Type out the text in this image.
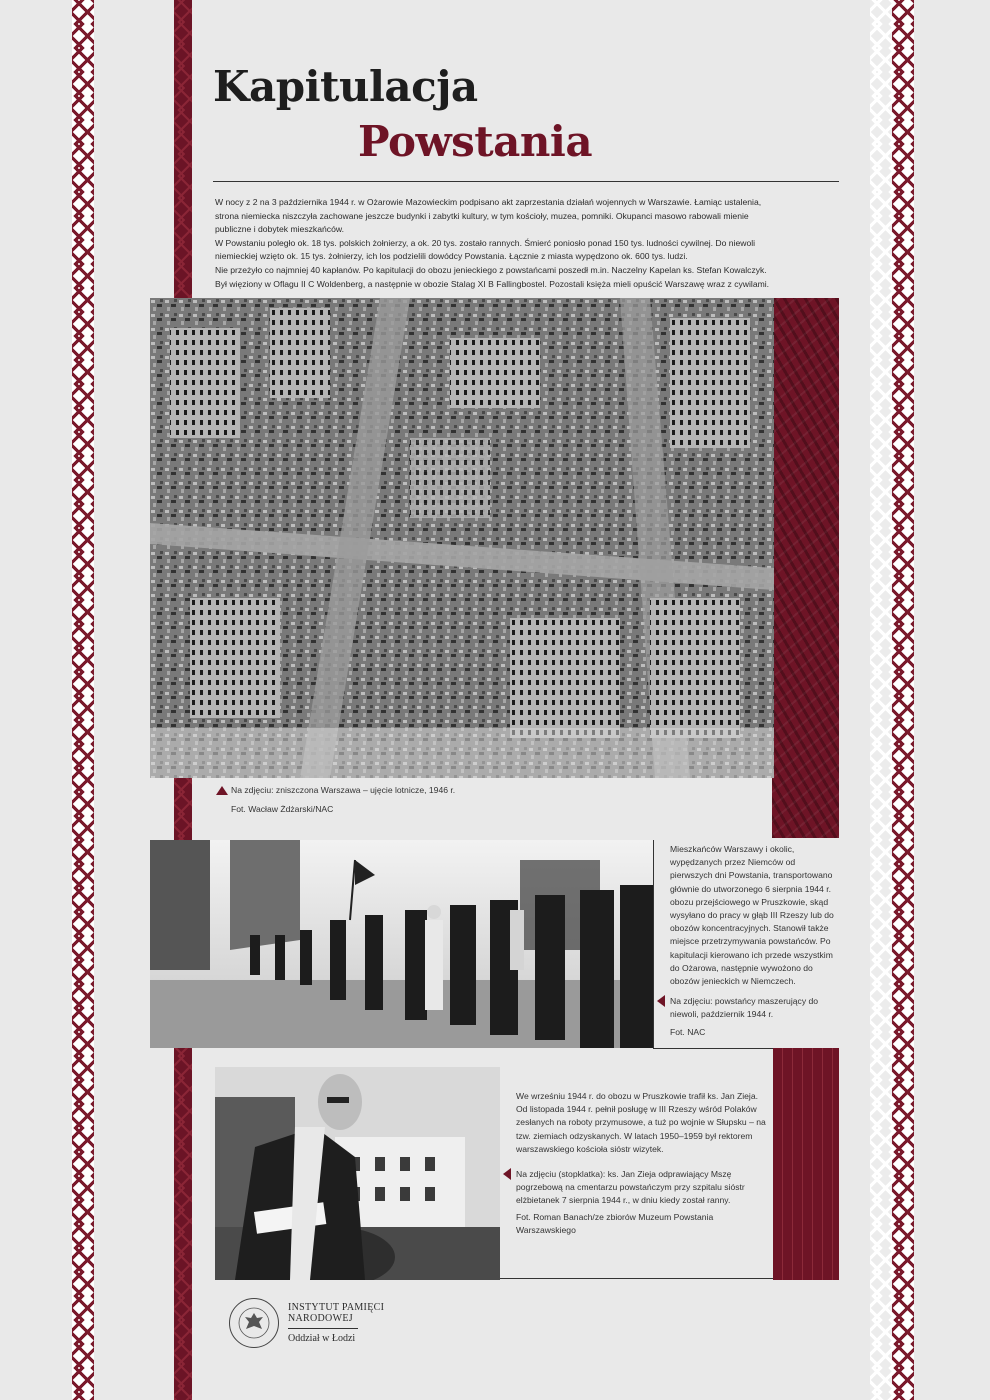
Kapitulacja
Powstania

W nocy z 2 na 3 października 1944 r. w Ożarowie Mazowieckim podpisano akt zaprzestania działań wojennych w Warszawie. Łamiąc ustalenia, strona niemiecka niszczyła zachowane jeszcze budynki i zabytki kultury, w tym kościoły, muzea, pomniki. Okupanci masowo rabowali mienie publiczne i dobytek mieszkańców.

W Powstaniu poległo ok. 18 tys. polskich żołnierzy, a ok. 20 tys. zostało rannych. Śmierć poniosło ponad 150 tys. ludności cywilnej. Do niewoli niemieckiej wzięto ok. 15 tys. żołnierzy, ich los podzielili dowódcy Powstania. Łącznie z miasta wypędzono ok. 600 tys. ludzi.

Nie przeżyło co najmniej 40 kapłanów. Po kapitulacji do obozu jenieckiego z powstańcami poszedł m.in. Naczelny Kapelan ks. Stefan Kowalczyk. Był więziony w Oflagu II C Woldenberg, a następnie w obozie Stalag XI B Fallingbostel. Pozostali księża mieli opuścić Warszawę wraz z cywilami.

Na zdjęciu: zniszczona Warszawa – ujęcie lotnicze, 1946 r.
Fot. Wacław Żdżarski/NAC

Mieszkańców Warszawy i okolic, wypędzanych przez Niemców od pierwszych dni Powstania, transportowano głównie do utworzonego 6 sierpnia 1944 r. obozu przejściowego w Pruszkowie, skąd wysyłano do pracy w głąb III Rzeszy lub do obozów koncentracyjnych. Stanowił także miejsce przetrzymywania powstańców. Po kapitulacji kierowano ich przede wszystkim do Ożarowa, następnie wywożono do obozów jenieckich w Niemczech.

Na zdjęciu: powstańcy maszerujący do niewoli, październik 1944 r.
Fot. NAC

We wrześniu 1944 r. do obozu w Pruszkowie trafił ks. Jan Zieja. Od listopada 1944 r. pełnił posługę w III Rzeszy wśród Polaków zesłanych na roboty przymusowe, a tuż po wojnie w Słupsku – na tzw. ziemiach odzyskanych. W latach 1950–1959 był rektorem warszawskiego kościoła sióstr wizytek.

Na zdjęciu (stopklatka): ks. Jan Zieja odprawiający Mszę pogrzebową na cmentarzu powstańczym przy szpitalu sióstr elżbietanek 7 sierpnia 1944 r., w dniu kiedy został ranny.
Fot. Roman Banach/ze zbiorów Muzeum Powstania Warszawskiego
INSTYTUT PAMIĘCI
NARODOWEJ
Oddział w Łodzi
